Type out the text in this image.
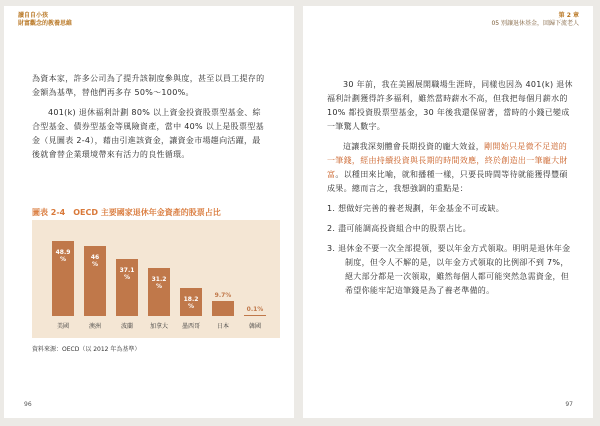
讀自自小孩
財富觀念的教養思維

為資本家，許多公司為了提升該制度參與度，甚至以員工提存的金額為基準，替他們再多存 50%～100%。

401(k) 退休福利計劃 80% 以上資金投資股票型基金、綜合型基金、債券型基金等風險資產，當中 40% 以上是股票型基金（見圖表 2-4），藉由引進該資金，讓資金市場趨向活躍，最後就會替企業環境帶來有活力的良性循環。

圖表 2-4　OECD 主要國家退休年金資產的股票占比
48.9
%
美國
46
%
澳洲
37.1
%
波蘭
31.2
%
加拿大
18.2
%
墨西哥
9.7%
日本
0.1%
韓國
資料來源：OECD（以 2012 年為基準）
96
第 2 章
05 別讓退休基金，回歸下流老人

30 年前，我在美國展開職場生涯時，同樣也因為 401(k) 退休福利計劃獲得許多福利，雖然當時薪水不高，但我把每個月薪水的 10% 都投資股票型基金，30 年後我還保留著，當時的小錢已變成一筆驚人數字。

這讓我深刻體會長期投資的龐大效益，剛開始只是微不足道的一筆錢，經由持續投資與長期的時間效應，終於創造出一筆龐大財富。以種田來比喻，就和播種一樣，只要長時間等待就能獲得豐碩成果。總而言之，我想強調的重點是：

1. 想做好完善的養老規劃，年金基金不可或缺。
2. 盡可能調高投資組合中的股票占比。
3. 退休金不要一次全部提領，要以年金方式領取。明明是退休年金制度，但令人不解的是，以年金方式領取的比例卻不到 7%，絕大部分都是一次領取，雖然每個人都可能突然急需資金，但希望你能牢記這筆錢是為了養老準備的。
97
